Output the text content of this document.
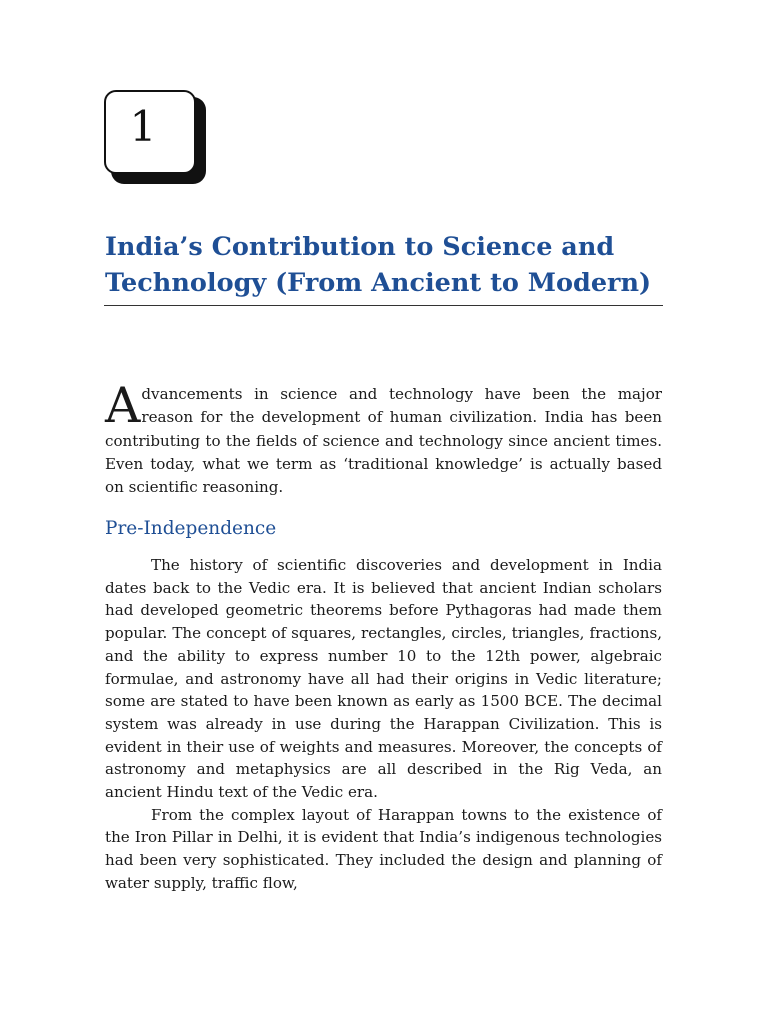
1
India’s Contribution to Science and Technology (From Ancient to Modern)

Advancements in science and technology have been the major reason for the development of human civilization. India has been contributing to the fields of science and technology since ancient times. Even today, what we term as ‘traditional knowledge’ is actually based on scientific reasoning.

Pre-Independence

The history of scientific discoveries and development in India dates back to the Vedic era. It is believed that ancient Indian scholars had developed geometric theorems before Pythagoras had made them popular. The concept of squares, rectangles, circles, triangles, fractions, and the ability to express number 10 to the 12th power, algebraic formulae, and astronomy have all had their origins in Vedic literature; some are stated to have been known as early as 1500 BCE. The decimal system was already in use during the Harappan Civilization. This is evident in their use of weights and measures. Moreover, the concepts of astronomy and metaphysics are all described in the Rig Veda, an ancient Hindu text of the Vedic era.

From the complex layout of Harappan towns to the existence of the Iron Pillar in Delhi, it is evident that India’s indigenous technologies had been very sophisticated. They included the design and planning of water supply, traffic flow,
